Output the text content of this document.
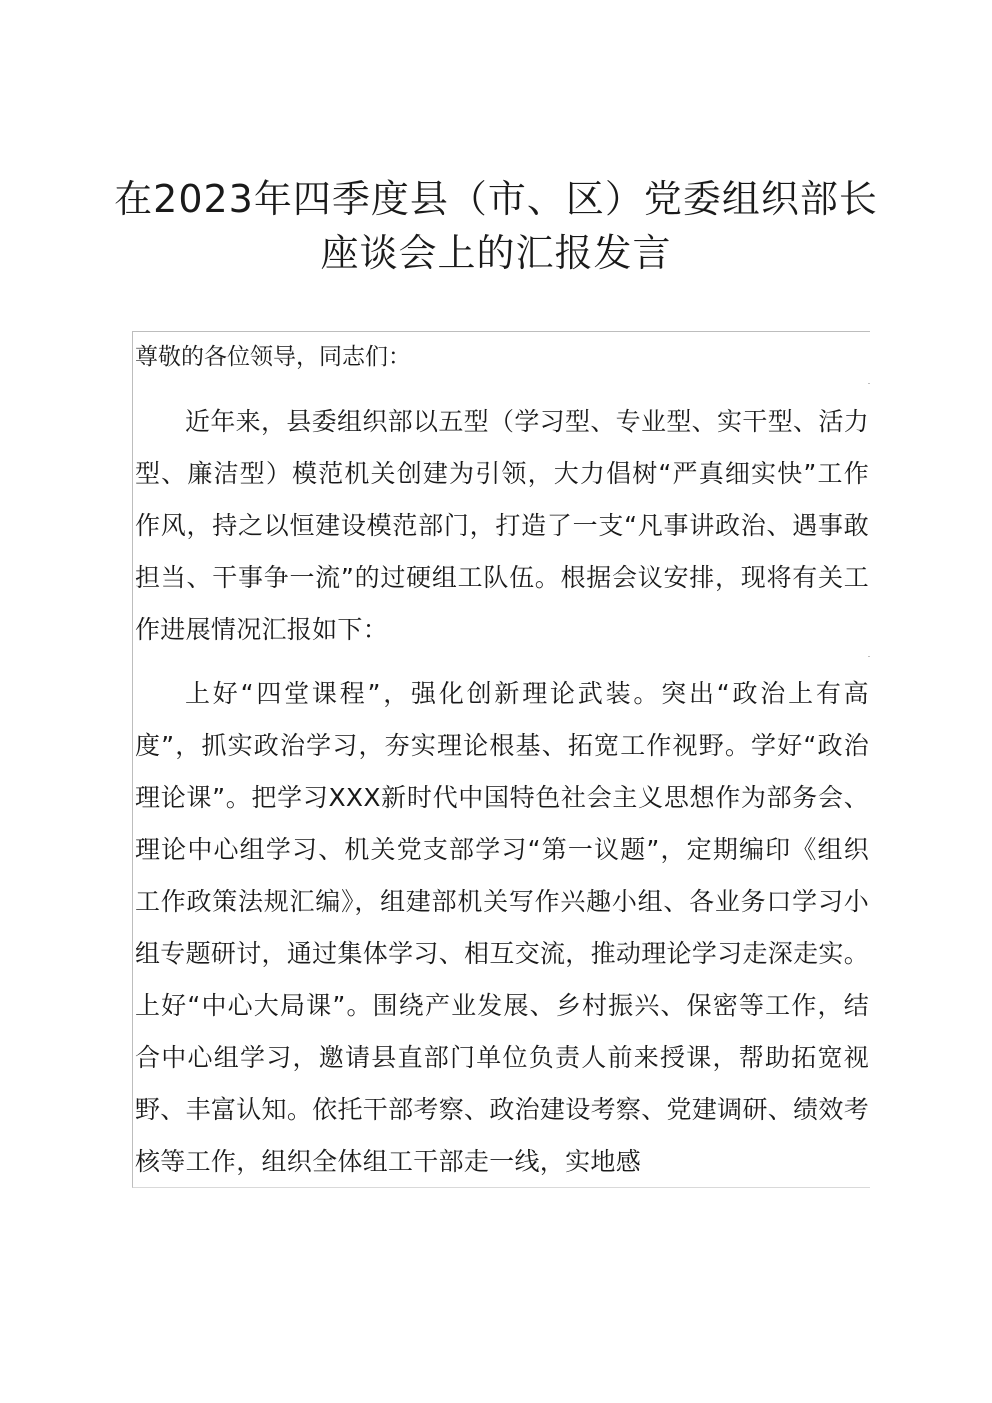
在2023年四季度县（市、区）党委组织部长
座谈会上的汇报发言

尊敬的各位领导，同志们：

近年来，县委组织部以五型（学习型、专业型、实干型、活力型、廉洁型）模范机关创建为引领，大力倡树“严真细实快”工作作风，持之以恒建设模范部门，打造了一支“凡事讲政治、遇事敢担当、干事争一流”的过硬组工队伍。根据会议安排，现将有关工作进展情况汇报如下：

上好“四堂课程”，强化创新理论武装。突出“政治上有高度”，抓实政治学习，夯实理论根基、拓宽工作视野。学好“政治理论课”。把学习XXX新时代中国特色社会主义思想作为部务会、理论中心组学习、机关党支部学习“第一议题”，定期编印《组织工作政策法规汇编》，组建部机关写作兴趣小组、各业务口学习小组专题研讨，通过集体学习、相互交流，推动理论学习走深走实。上好“中心大局课”。围绕产业发展、乡村振兴、保密等工作，结合中心组学习，邀请县直部门单位负责人前来授课，帮助拓宽视野、丰富认知。依托干部考察、政治建设考察、党建调研、绩效考核等工作，组织全体组工干部走一线，实地感
